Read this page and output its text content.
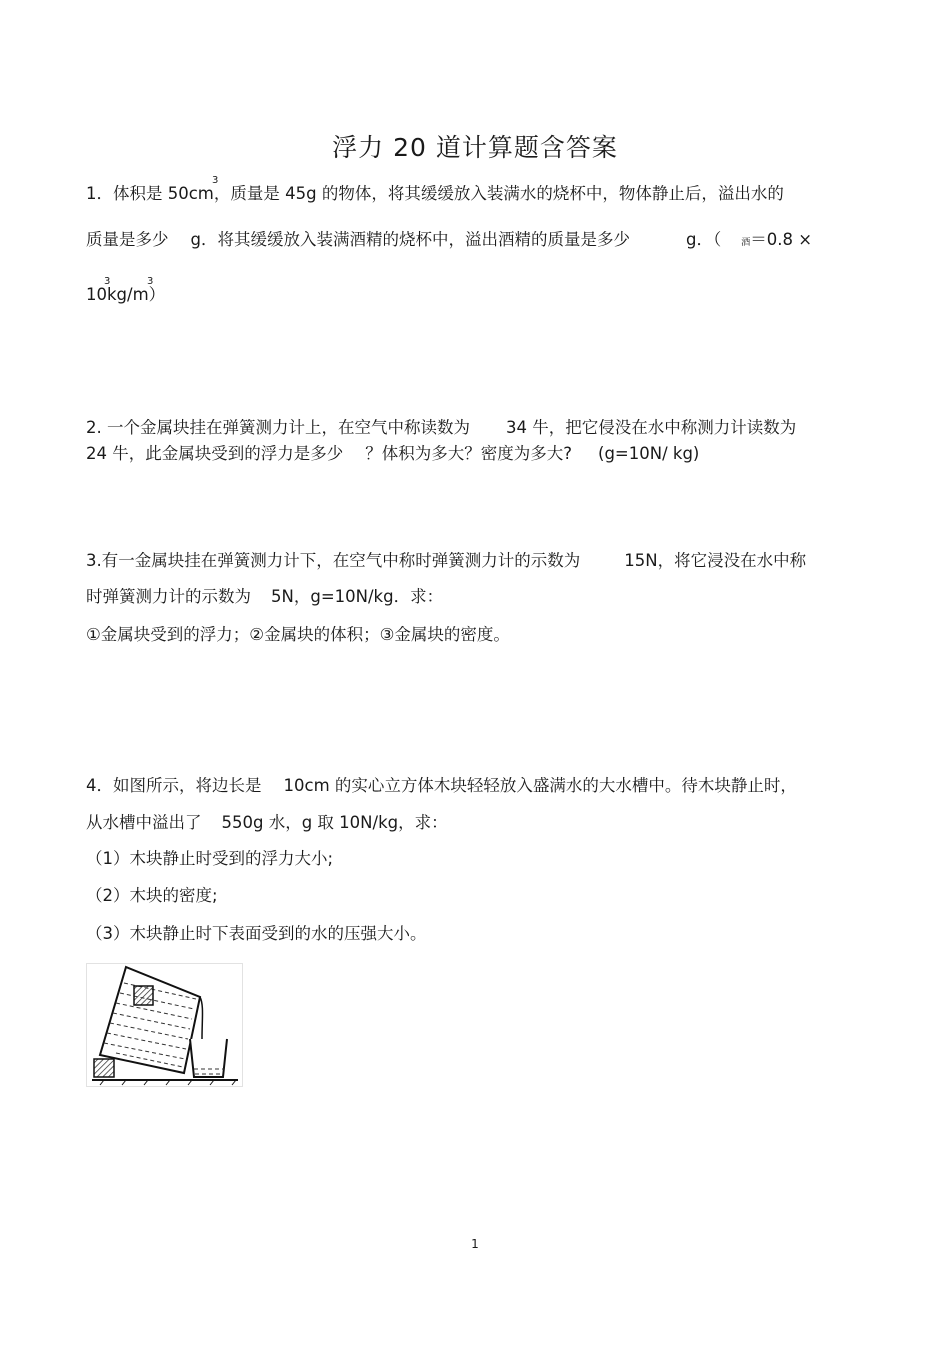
浮力 20 道计算题含答案
1．体积是 50cm，质量是 45g 的物体，将其缓缓放入装满水的烧杯中，物体静止后，溢出水的
3
质量是多少 g．将其缓缓放入装满酒精的烧杯中，溢出酒精的质量是多少	g．（ 酒＝0.8 ×
10kg/m）
3	3
2. 一个金属块挂在弹簧测力计上，在空气中称读数为 34 牛，把它侵没在水中称测力计读数为
24 牛，此金属块受到的浮力是多少 ？体积为多大？密度为多大? (g=10N/ kg)
3.有一金属块挂在弹簧测力计下，在空气中称时弹簧测力计的示数为	15N，将它浸没在水中称
时弹簧测力计的示数为 5N，g=10N/kg．求：
①金属块受到的浮力；②金属块的体积；③金属块的密度。
4．如图所示，将边长是 10cm 的实心立方体木块轻轻放入盛满水的大水槽中。待木块静止时，
从水槽中溢出了 550g 水，g 取 10N/kg，求：
（1）木块静止时受到的浮力大小;
（2）木块的密度;
（3）木块静止时下表面受到的水的压强大小。
1
